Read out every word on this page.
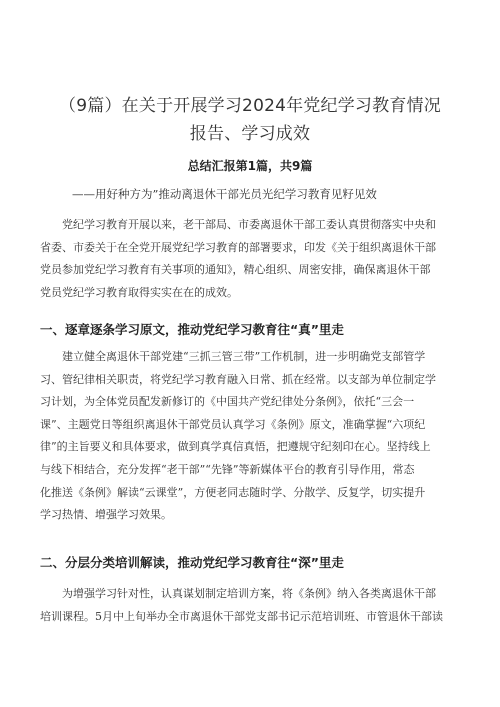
（9篇）在关于开展学习2024年党纪学习教育情况
报告、学习成效
总结汇报第1篇，共9篇
——用好种方为”推动离退休干部光员光纪学习教育见籽见效

党纪学习教育开展以来，老干部局、市委离退休干部工委认真贯彻落实中央和
省委、市委关于在全党开展党纪学习教育的部署要求，印发《关于组织离退休干部
党员参加党纪学习教育有关事项的通知》，精心组织、周密安排，确保离退休干部
党员党纪学习教育取得实实在在的成效。

一、逐章逐条学习原文，推动党纪学习教育往“真”里走

建立健全离退休干部党建“三抓三管三带”工作机制，进一步明确党支部管学
习、管纪律相关职责，将党纪学习教育融入日常、抓在经常。以支部为单位制定学
习计划，为全体党员配发新修订的《中国共产党纪律处分条例》，依托“三会一
课”、主题党日等组织离退休干部党员认真学习《条例》原文，准确掌握“六项纪
律”的主旨要义和具体要求，做到真学真信真悟，把遵规守纪刻印在心。坚持线上
与线下相结合，充分发挥“老干部”“先锋”等新媒体平台的教育引导作用，常态
化推送《条例》解读“云课堂”，方便老同志随时学、分散学、反复学，切实提升
学习热情、增强学习效果。

二、分层分类培训解读，推动党纪学习教育往“深”里走

为增强学习针对性，认真谋划制定培训方案，将《条例》纳入各类离退休干部
培训课程。5月中上旬举办全市离退休干部党支部书记示范培训班、市管退休干部读
